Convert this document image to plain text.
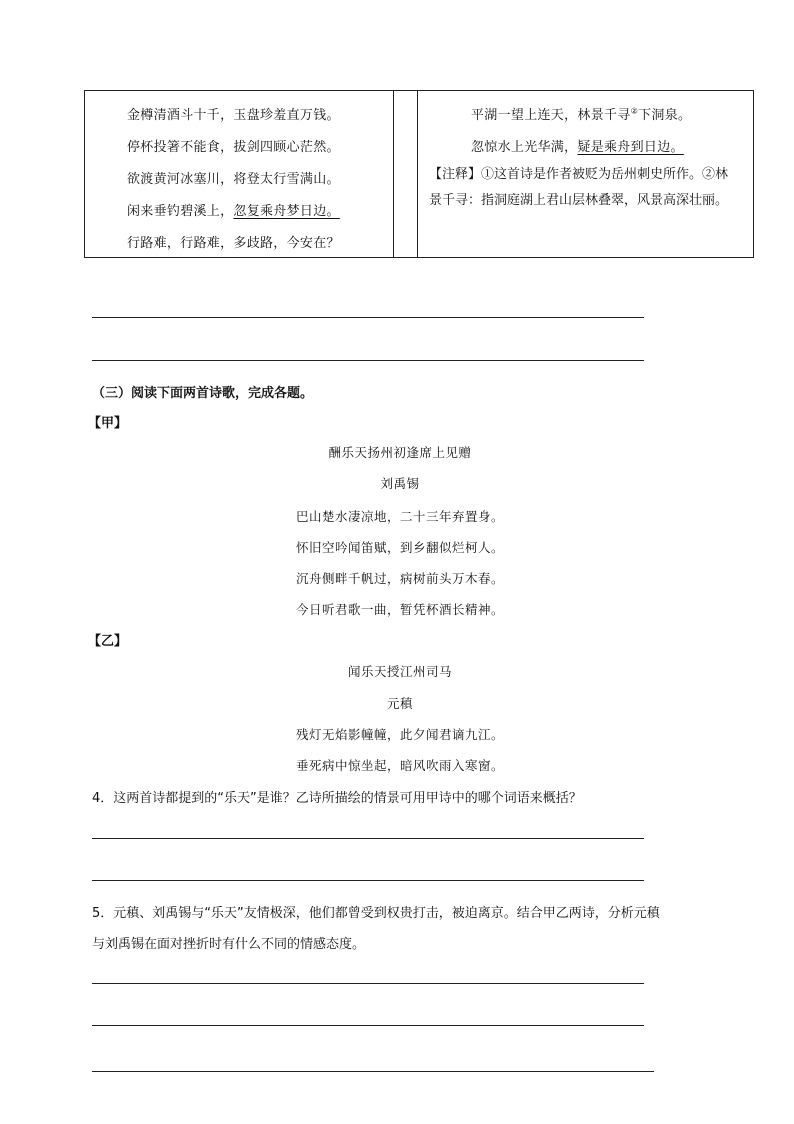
金樽清酒斗十千，玉盘珍羞直万钱。
停杯投箸不能食，拔剑四顾心茫然。
欲渡黄河冰塞川，将登太行雪满山。
闲来垂钓碧溪上，忽复乘舟梦日边。
行路难，行路难，多歧路，今安在？
平湖一望上连天，林景千寻②下洞泉。
忽惊水上光华满，疑是乘舟到日边。
【注释】①这首诗是作者被贬为岳州刺史所作。②林
景千寻：指洞庭湖上君山层林叠翠，风景高深壮丽。
（三）阅读下面两首诗歌，完成各题。
【甲】
酬乐天扬州初逢席上见赠
刘禹锡
巴山楚水凄凉地，二十三年弃置身。
怀旧空吟闻笛赋，到乡翻似烂柯人。
沉舟侧畔千帆过，病树前头万木春。
今日听君歌一曲，暂凭杯酒长精神。
【乙】
闻乐天授江州司马
元稹
残灯无焰影幢幢，此夕闻君谪九江。
垂死病中惊坐起，暗风吹雨入寒窗。
4．这两首诗都提到的“乐天”是谁？乙诗所描绘的情景可用甲诗中的哪个词语来概括？
5．元稹、刘禹锡与“乐天”友情极深，他们都曾受到权贵打击，被迫离京。结合甲乙两诗，分析元稹
与刘禹锡在面对挫折时有什么不同的情感态度。
